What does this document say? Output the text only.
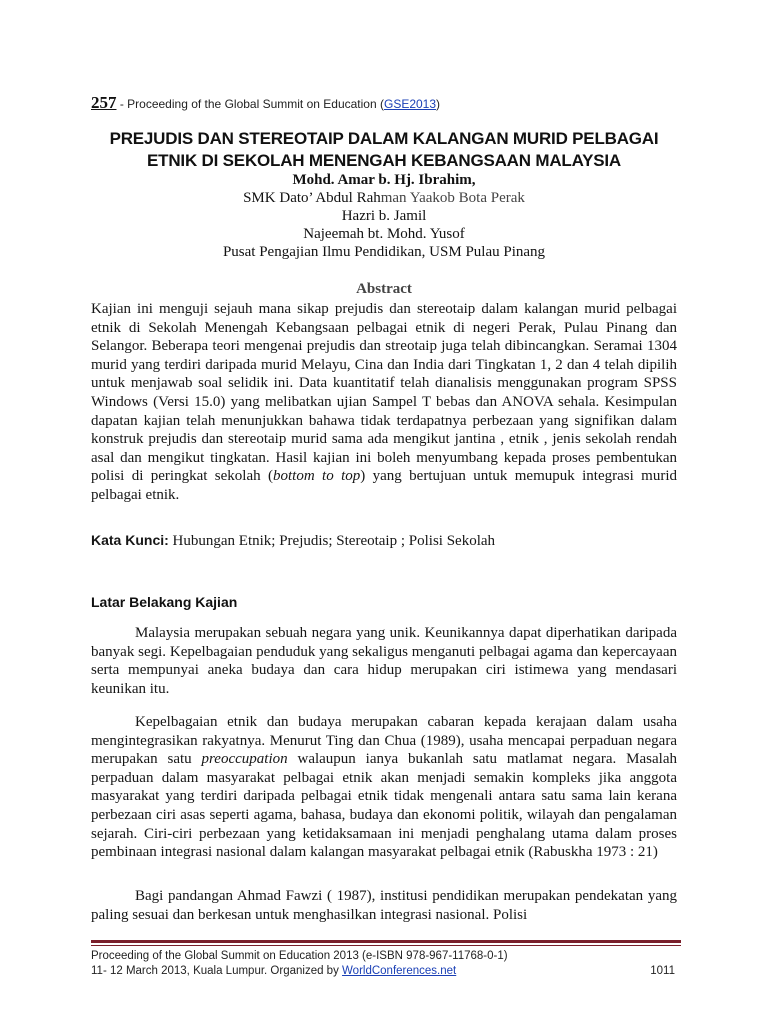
257 - Proceeding of the Global Summit on Education (GSE2013)
PREJUDIS DAN STEREOTAIP DALAM KALANGAN MURID PELBAGAI
ETNIK DI SEKOLAH MENENGAH KEBANGSAAN MALAYSIA
Mohd. Amar b. Hj. Ibrahim,
SMK Dato’ Abdul Rahman Yaakob Bota Perak
Hazri b. Jamil
Najeemah bt. Mohd. Yusof
Pusat Pengajian Ilmu Pendidikan, USM Pulau Pinang
Abstract
Kajian ini menguji sejauh mana sikap prejudis dan stereotaip dalam kalangan murid pelbagai etnik di Sekolah Menengah Kebangsaan pelbagai etnik di negeri Perak, Pulau Pinang dan Selangor. Beberapa teori mengenai prejudis dan streotaip juga telah dibincangkan. Seramai 1304 murid yang terdiri daripada murid Melayu, Cina dan India dari Tingkatan 1, 2 dan 4 telah dipilih untuk menjawab soal selidik ini. Data kuantitatif telah dianalisis menggunakan program SPSS Windows (Versi 15.0) yang melibatkan ujian Sampel T bebas dan ANOVA sehala. Kesimpulan dapatan kajian telah menunjukkan bahawa tidak terdapatnya perbezaan yang signifikan dalam konstruk prejudis dan stereotaip murid sama ada mengikut jantina , etnik , jenis sekolah rendah asal dan mengikut tingkatan. Hasil kajian ini boleh menyumbang kepada proses pembentukan polisi di peringkat sekolah (bottom to top) yang bertujuan untuk memupuk integrasi murid pelbagai etnik.
Kata Kunci: Hubungan Etnik; Prejudis; Stereotaip ; Polisi Sekolah
Latar Belakang Kajian
Malaysia merupakan sebuah negara yang unik. Keunikannya dapat diperhatikan daripada banyak segi. Kepelbagaian penduduk yang sekaligus menganuti pelbagai agama dan kepercayaan serta mempunyai aneka budaya dan cara hidup merupakan ciri istimewa yang mendasari keunikan itu.
Kepelbagaian etnik dan budaya merupakan cabaran kepada kerajaan dalam usaha mengintegrasikan rakyatnya. Menurut Ting dan Chua (1989), usaha mencapai perpaduan negara merupakan satu preoccupation walaupun ianya bukanlah satu matlamat negara. Masalah perpaduan dalam masyarakat pelbagai etnik akan menjadi semakin kompleks jika anggota masyarakat yang terdiri daripada pelbagai etnik tidak mengenali antara satu sama lain kerana perbezaan ciri asas seperti agama, bahasa, budaya dan ekonomi politik, wilayah dan pengalaman sejarah. Ciri-ciri perbezaan yang ketidaksamaan ini menjadi penghalang utama dalam proses pembinaan integrasi nasional dalam kalangan masyarakat pelbagai etnik (Rabuskha 1973 : 21)
Bagi pandangan Ahmad Fawzi ( 1987), institusi pendidikan merupakan pendekatan yang paling sesuai dan berkesan untuk menghasilkan integrasi nasional. Polisi
Proceeding of the Global Summit on Education 2013 (e-ISBN 978-967-11768-0-1)
11- 12 March 2013, Kuala Lumpur. Organized by WorldConferences.net	1011
